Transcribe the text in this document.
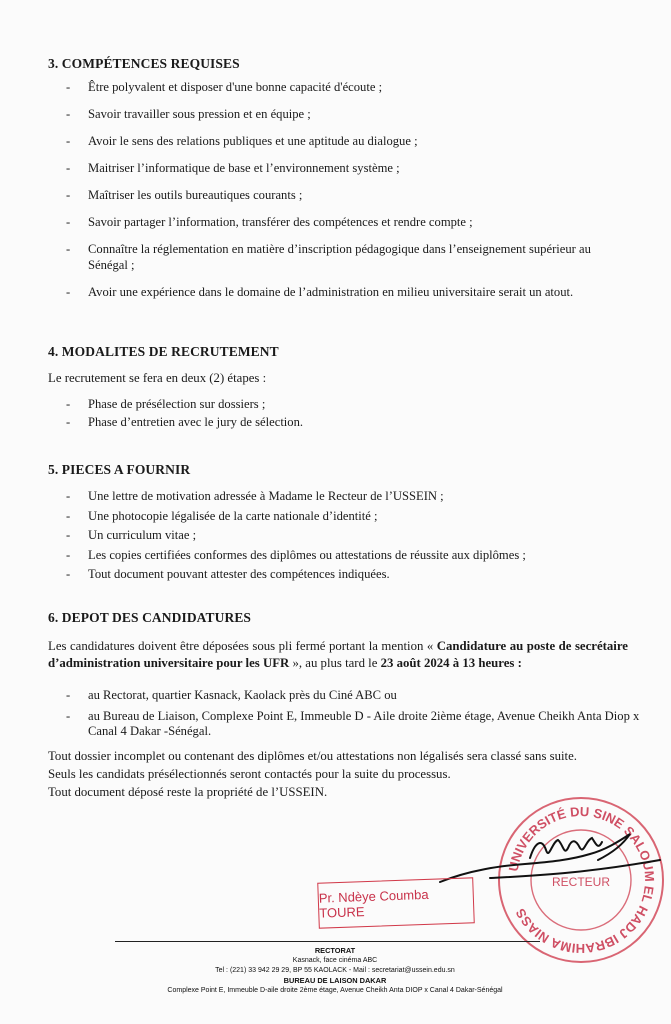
3. COMPÉTENCES REQUISES
- Être polyvalent et disposer d'une bonne capacité d'écoute ;
- Savoir travailler sous pression et en équipe ;
- Avoir le sens des relations publiques et une aptitude au dialogue ;
- Maitriser l’informatique de base et l’environnement système ;
- Maîtriser les outils bureautiques courants ;
- Savoir partager l’information, transférer des compétences et rendre compte ;
- Connaître la réglementation en matière d’inscription pédagogique dans l’enseignement supérieur au Sénégal ;
- Avoir une expérience dans le domaine de l’administration en milieu universitaire serait un atout.
4. MODALITES DE RECRUTEMENT
Le recrutement se fera en deux (2) étapes :
- Phase de présélection sur dossiers ;
- Phase d’entretien avec le jury de sélection.
5. PIECES A FOURNIR
- Une lettre de motivation adressée à Madame le Recteur de l’USSEIN ;
- Une photocopie légalisée de la carte nationale d’identité ;
- Un curriculum vitae ;
- Les copies certifiées conformes des diplômes ou attestations de réussite aux diplômes ;
- Tout document pouvant attester des compétences indiquées.
6. DEPOT DES CANDIDATURES
Les candidatures doivent être déposées sous pli fermé portant la mention « Candidature au poste de secrétaire d’administration universitaire pour les UFR », au plus tard le 23 août 2024 à 13 heures :
- au Rectorat, quartier Kasnack, Kaolack près du Ciné ABC ou
- au Bureau de Liaison, Complexe Point E, Immeuble D - Aile droite 2ième étage, Avenue Cheikh Anta Diop x Canal 4 Dakar -Sénégal.
Tout dossier incomplet ou contenant des diplômes et/ou attestations non légalisés sera classé sans suite.
Seuls les candidats présélectionnés seront contactés pour la suite du processus.
Tout document déposé reste la propriété de l’USSEIN.
UNIVERSITÉ DU SINE SALOUM EL HADJ IBRAHIMA NIASS
RECTEUR
Pr. Ndèye Coumba TOURE
RECTORAT
Kasnack, face cinéma ABC
Tel : (221) 33 942 29 29, BP 55 KAOLACK - Mail : secretariat@ussein.edu.sn
BUREAU DE LAISON DAKAR
Complexe Point E, Immeuble D-aile droite 2ème étage, Avenue Cheikh Anta DIOP x Canal 4 Dakar-Sénégal
